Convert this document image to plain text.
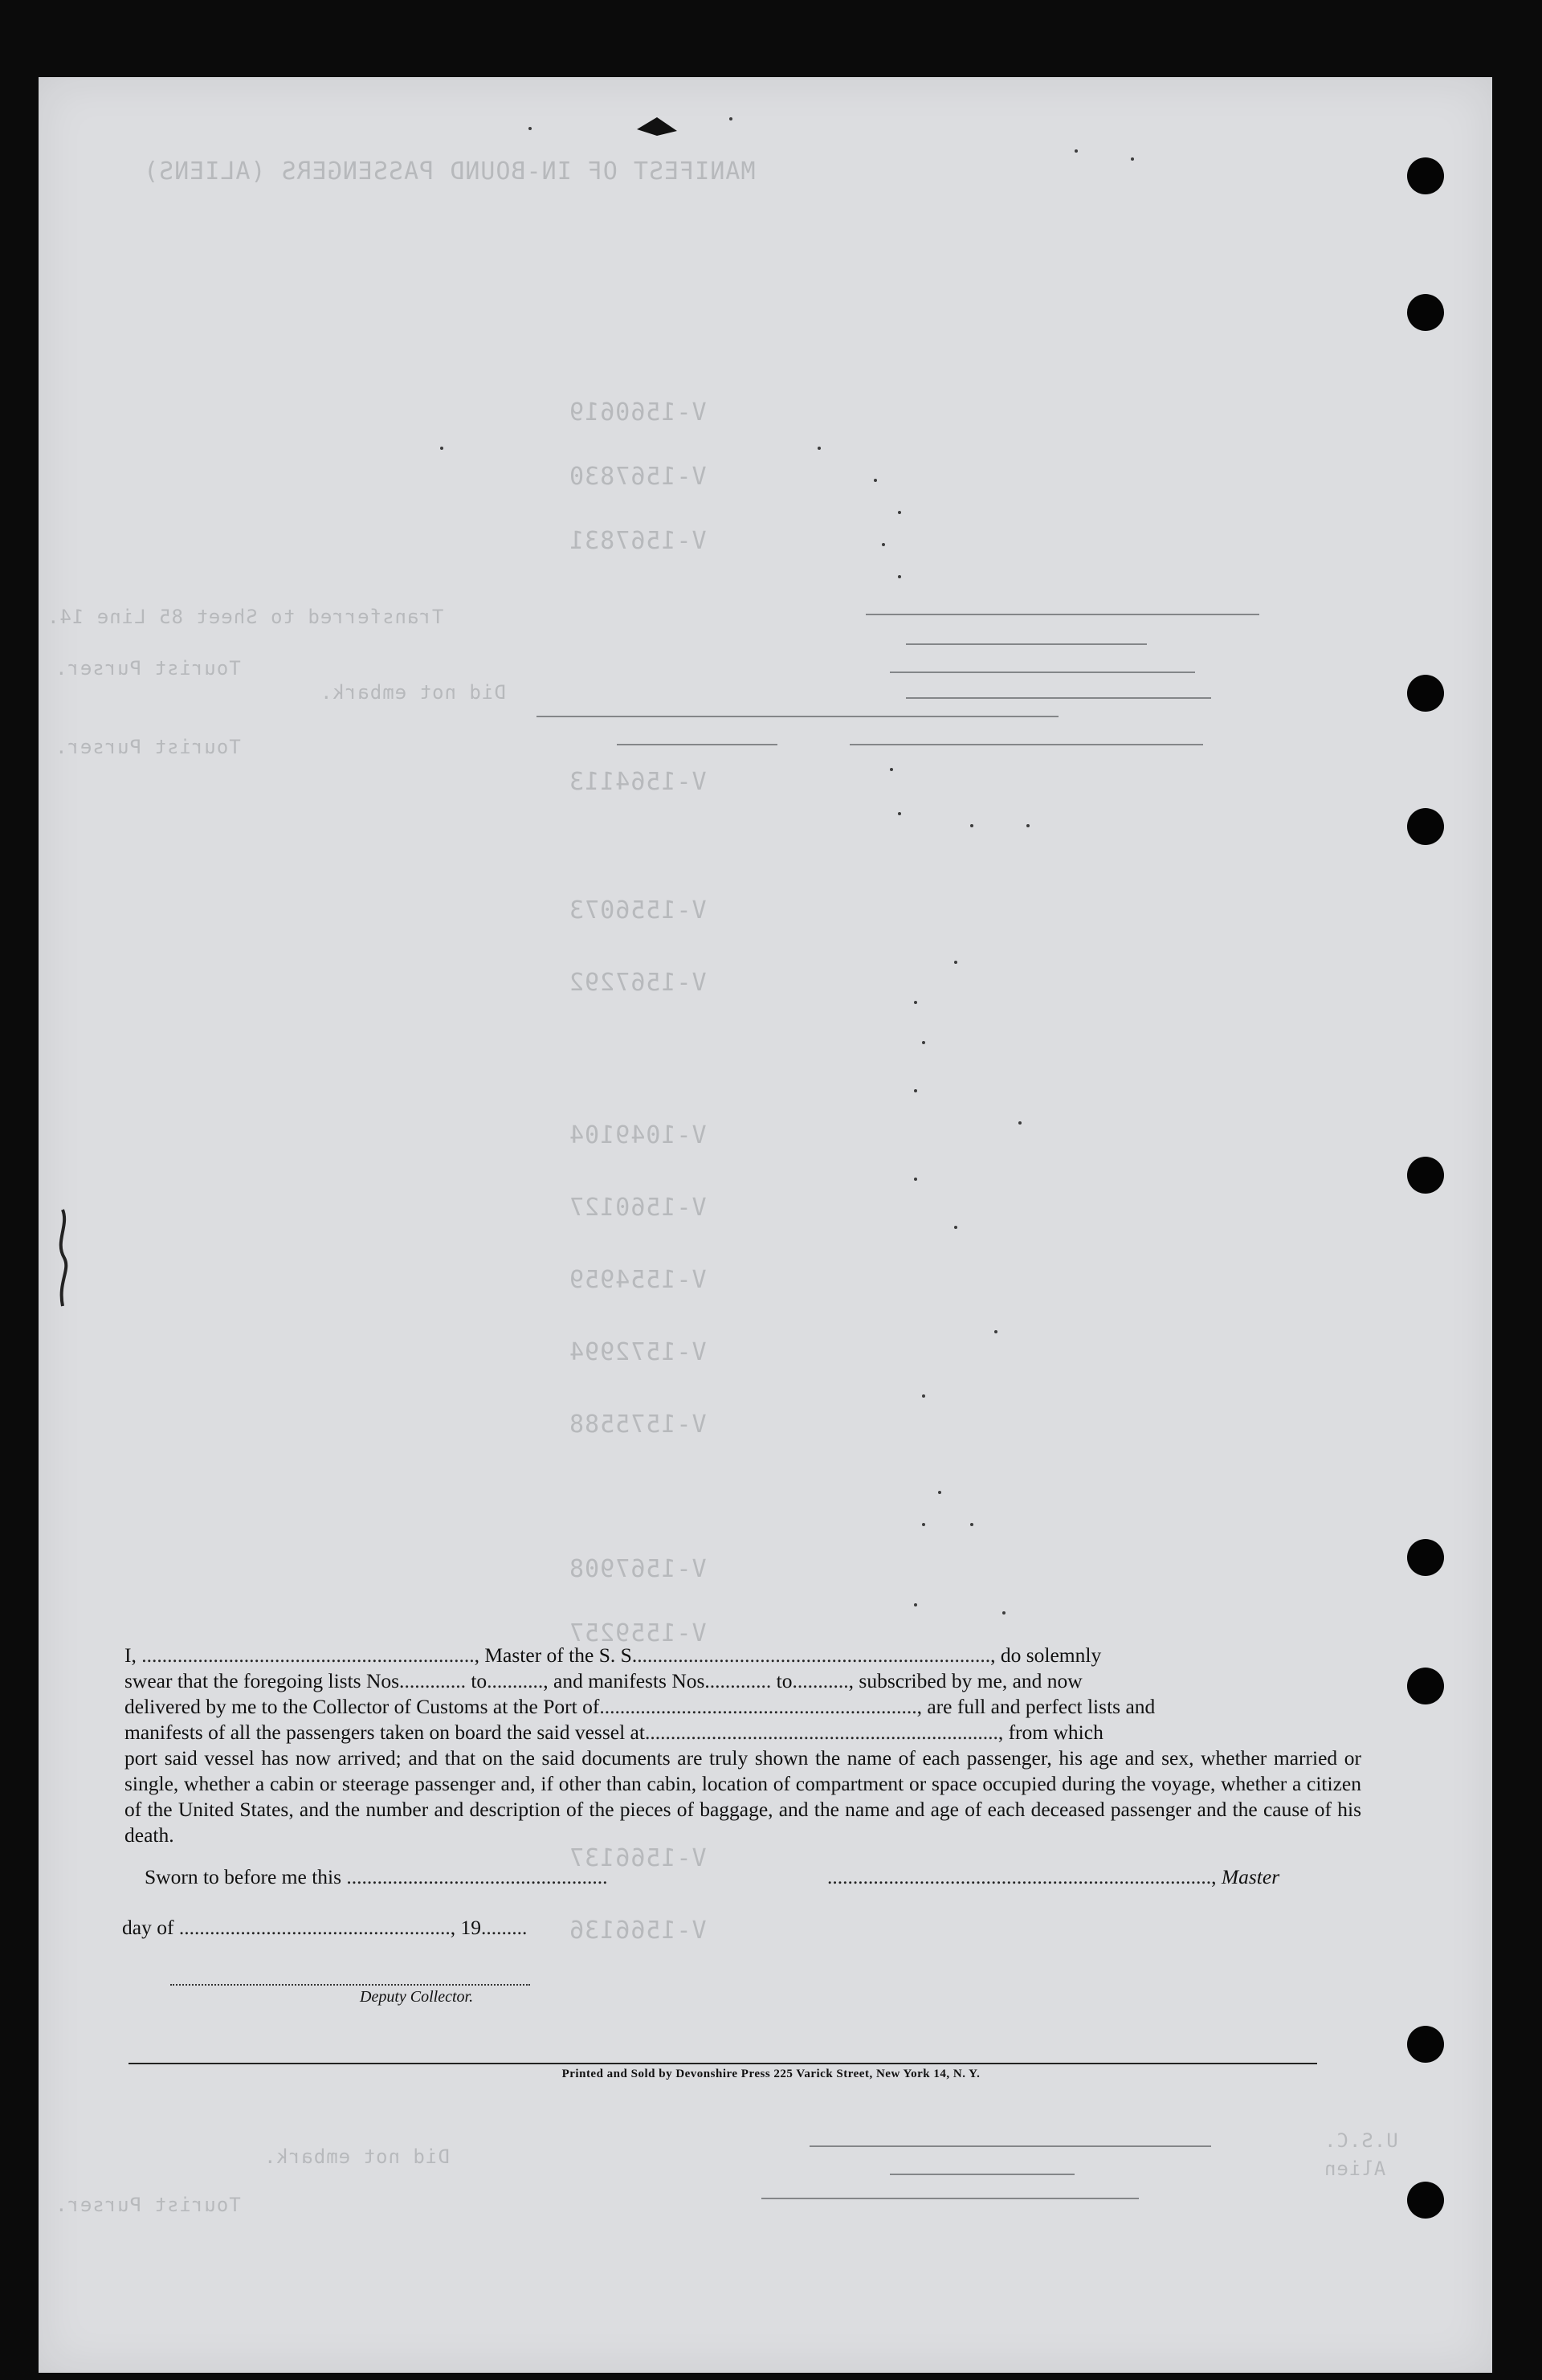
MANIFEST OF IN-BOUND PASSENGERS (ALIENS)
V-1560619
V-1567830
V-1567831
Transferred to Sheet 85 Line 14.
Tourist Purser.
Did not embark.
Tourist Purser.
V-1564113
V-1556073
V-1567292
V-1049104
V-1560127
V-1554959
V-1572994
V-1575588
V-1567908
V-1559257
V-1566137
V-1566136
Did not embark.
Tourist Purser.
U.S.C.
Alien

I, ................................................................., Master of the S. S......................................................................, do solemnly

swear that the foregoing lists Nos............. to..........., and manifests Nos............. to..........., subscribed by me, and now

delivered by me to the Collector of Customs at the Port of.............................................................., are full and perfect lists and

manifests of all the passengers taken on board the said vessel at....................................................................., from which

port said vessel has now arrived; and that on the said documents are truly shown the name of each passenger, his age and sex, whether married or single, whether a cabin or steerage passenger and, if other than cabin, location of compartment or space occupied during the voyage, whether a citizen of the United States, and the number and description of the pieces of baggage, and the name and age of each deceased passenger and the cause of his death.

Sworn to before me this ...................................................
day of ....................................................., 19.........
Deputy Collector.
..........................................................................., Master
Printed and Sold by Devonshire Press 225 Varick Street, New York 14, N. Y.
